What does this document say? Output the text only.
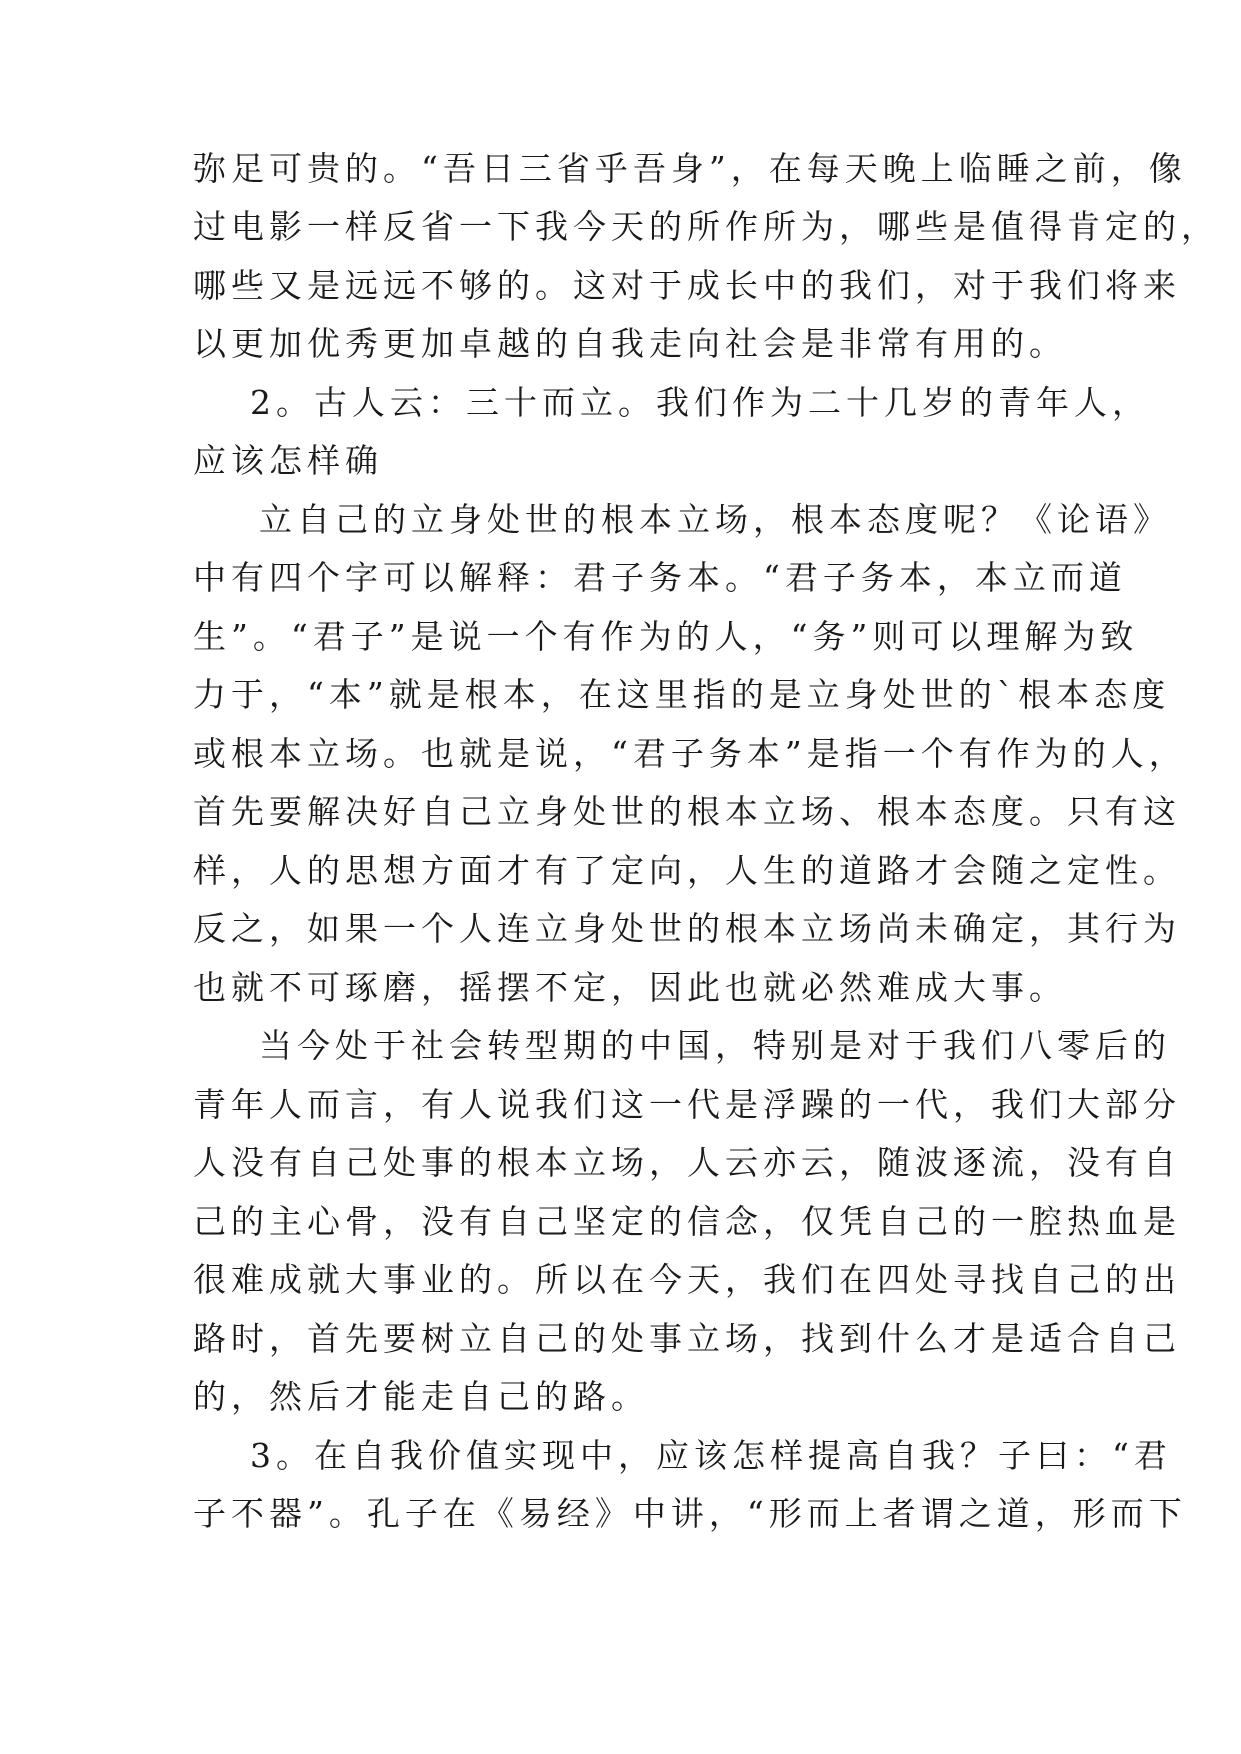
弥足可贵的。“吾日三省乎吾身”，在每天晚上临睡之前，像
过电影一样反省一下我今天的所作所为，哪些是值得肯定的，
哪些又是远远不够的。这对于成长中的我们，对于我们将来
以更加优秀更加卓越的自我走向社会是非常有用的。
2。古人云：三十而立。我们作为二十几岁的青年人，
应该怎样确
立自己的立身处世的根本立场，根本态度呢？《论语》
中有四个字可以解释：君子务本。“君子务本，本立而道
生”。“君子”是说一个有作为的人，“务”则可以理解为致
力于，“本”就是根本，在这里指的是立身处世的`根本态度
或根本立场。也就是说，“君子务本”是指一个有作为的人，
首先要解决好自己立身处世的根本立场、根本态度。只有这
样，人的思想方面才有了定向，人生的道路才会随之定性。
反之，如果一个人连立身处世的根本立场尚未确定，其行为
也就不可琢磨，摇摆不定，因此也就必然难成大事。
当今处于社会转型期的中国，特别是对于我们八零后的
青年人而言，有人说我们这一代是浮躁的一代，我们大部分
人没有自己处事的根本立场，人云亦云，随波逐流，没有自
己的主心骨，没有自己坚定的信念，仅凭自己的一腔热血是
很难成就大事业的。所以在今天，我们在四处寻找自己的出
路时，首先要树立自己的处事立场，找到什么才是适合自己
的，然后才能走自己的路。
3。在自我价值实现中，应该怎样提高自我？子曰：“君
子不器”。孔子在《易经》中讲，“形而上者谓之道，形而下
